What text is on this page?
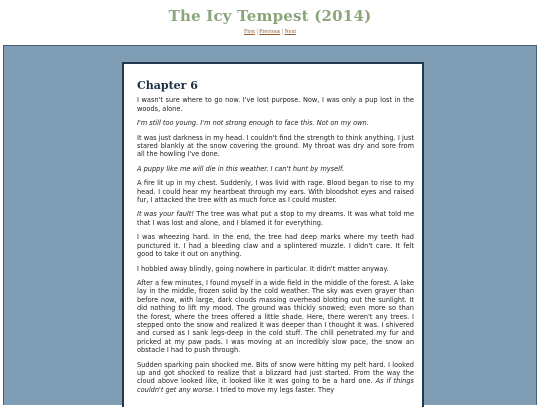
The Icy Tempest (2014)
First | Previous | Next
Chapter 6

I wasn't sure where to go now. I've lost purpose. Now, I was only a pup lost in the woods, alone.

I'm still too young. I'm not strong enough to face this. Not on my own.

It was just darkness in my head. I couldn't find the strength to think anything. I just stared blankly at the snow covering the ground. My throat was dry and sore from all the howling I've done.

A puppy like me will die in this weather. I can't hunt by myself.

A fire lit up in my chest. Suddenly, I was livid with rage. Blood began to rise to my head. I could hear my heartbeat through my ears. With bloodshot eyes and raised fur, I attacked the tree with as much force as I could muster.

It was your fault! The tree was what put a stop to my dreams. It was what told me that I was lost and alone, and I blamed it for everything.

I was wheezing hard. In the end, the tree had deep marks where my teeth had punctured it. I had a bleeding claw and a splintered muzzle. I didn't care. It felt good to take it out on anything.

I hobbled away blindly, going nowhere in particular. It didn't matter anyway.

After a few minutes, I found myself in a wide field in the middle of the forest. A lake lay in the middle, frozen solid by the cold weather. The sky was even grayer than before now, with large, dark clouds massing overhead blotting out the sunlight. It did nothing to lift my mood. The ground was thickly snowed; even more so than the forest, where the trees offered a little shade. Here, there weren't any trees. I stepped onto the snow and realized it was deeper than I thought it was. I shivered and cursed as I sank legs-deep in the cold stuff. The chill penetrated my fur and pricked at my paw pads. I was moving at an incredibly slow pace, the snow an obstacle I had to push through.

Sudden sparking pain shocked me. Bits of snow were hitting my pelt hard. I looked up and got shocked to realize that a blizzard had just started. From the way the cloud above looked like, it looked like it was going to be a hard one. As if things couldn't get any worse. I tried to move my legs faster. They
